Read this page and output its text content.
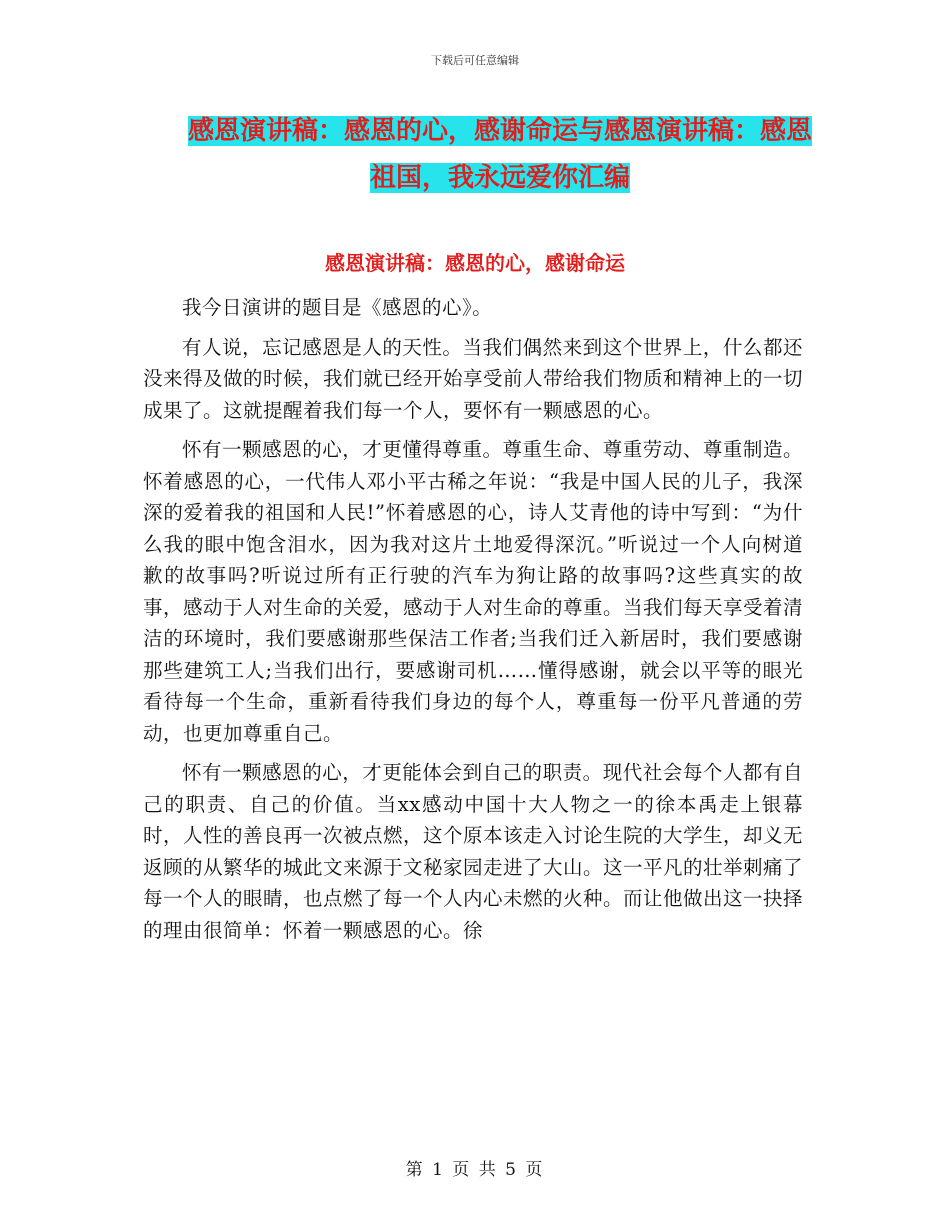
下载后可任意编辑
感恩演讲稿：感恩的心，感谢命运与感恩演讲稿：感恩祖国，我永远爱你汇编
感恩演讲稿：感恩的心，感谢命运

我今日演讲的题目是《感恩的心》。

有人说，忘记感恩是人的天性。当我们偶然来到这个世界上，什么都还没来得及做的时候，我们就已经开始享受前人带给我们物质和精神上的一切成果了。这就提醒着我们每一个人，要怀有一颗感恩的心。

怀有一颗感恩的心，才更懂得尊重。尊重生命、尊重劳动、尊重制造。怀着感恩的心，一代伟人邓小平古稀之年说：“我是中国人民的儿子，我深深的爱着我的祖国和人民!”怀着感恩的心，诗人艾青他的诗中写到：“为什么我的眼中饱含泪水，因为我对这片土地爱得深沉。”听说过一个人向树道歉的故事吗?听说过所有正行驶的汽车为狗让路的故事吗?这些真实的故事，感动于人对生命的关爱，感动于人对生命的尊重。当我们每天享受着清洁的环境时，我们要感谢那些保洁工作者;当我们迁入新居时，我们要感谢那些建筑工人;当我们出行，要感谢司机……懂得感谢，就会以平等的眼光看待每一个生命，重新看待我们身边的每个人，尊重每一份平凡普通的劳动，也更加尊重自己。

怀有一颗感恩的心，才更能体会到自己的职责。现代社会每个人都有自己的职责、自己的价值。当xx感动中国十大人物之一的徐本禹走上银幕时，人性的善良再一次被点燃，这个原本该走入讨论生院的大学生，却义无返顾的从繁华的城此文来源于文秘家园走进了大山。这一平凡的壮举刺痛了每一个人的眼睛，也点燃了每一个人内心未燃的火种。而让他做出这一抉择的理由很简单：怀着一颗感恩的心。徐

第 1 页 共 5 页
